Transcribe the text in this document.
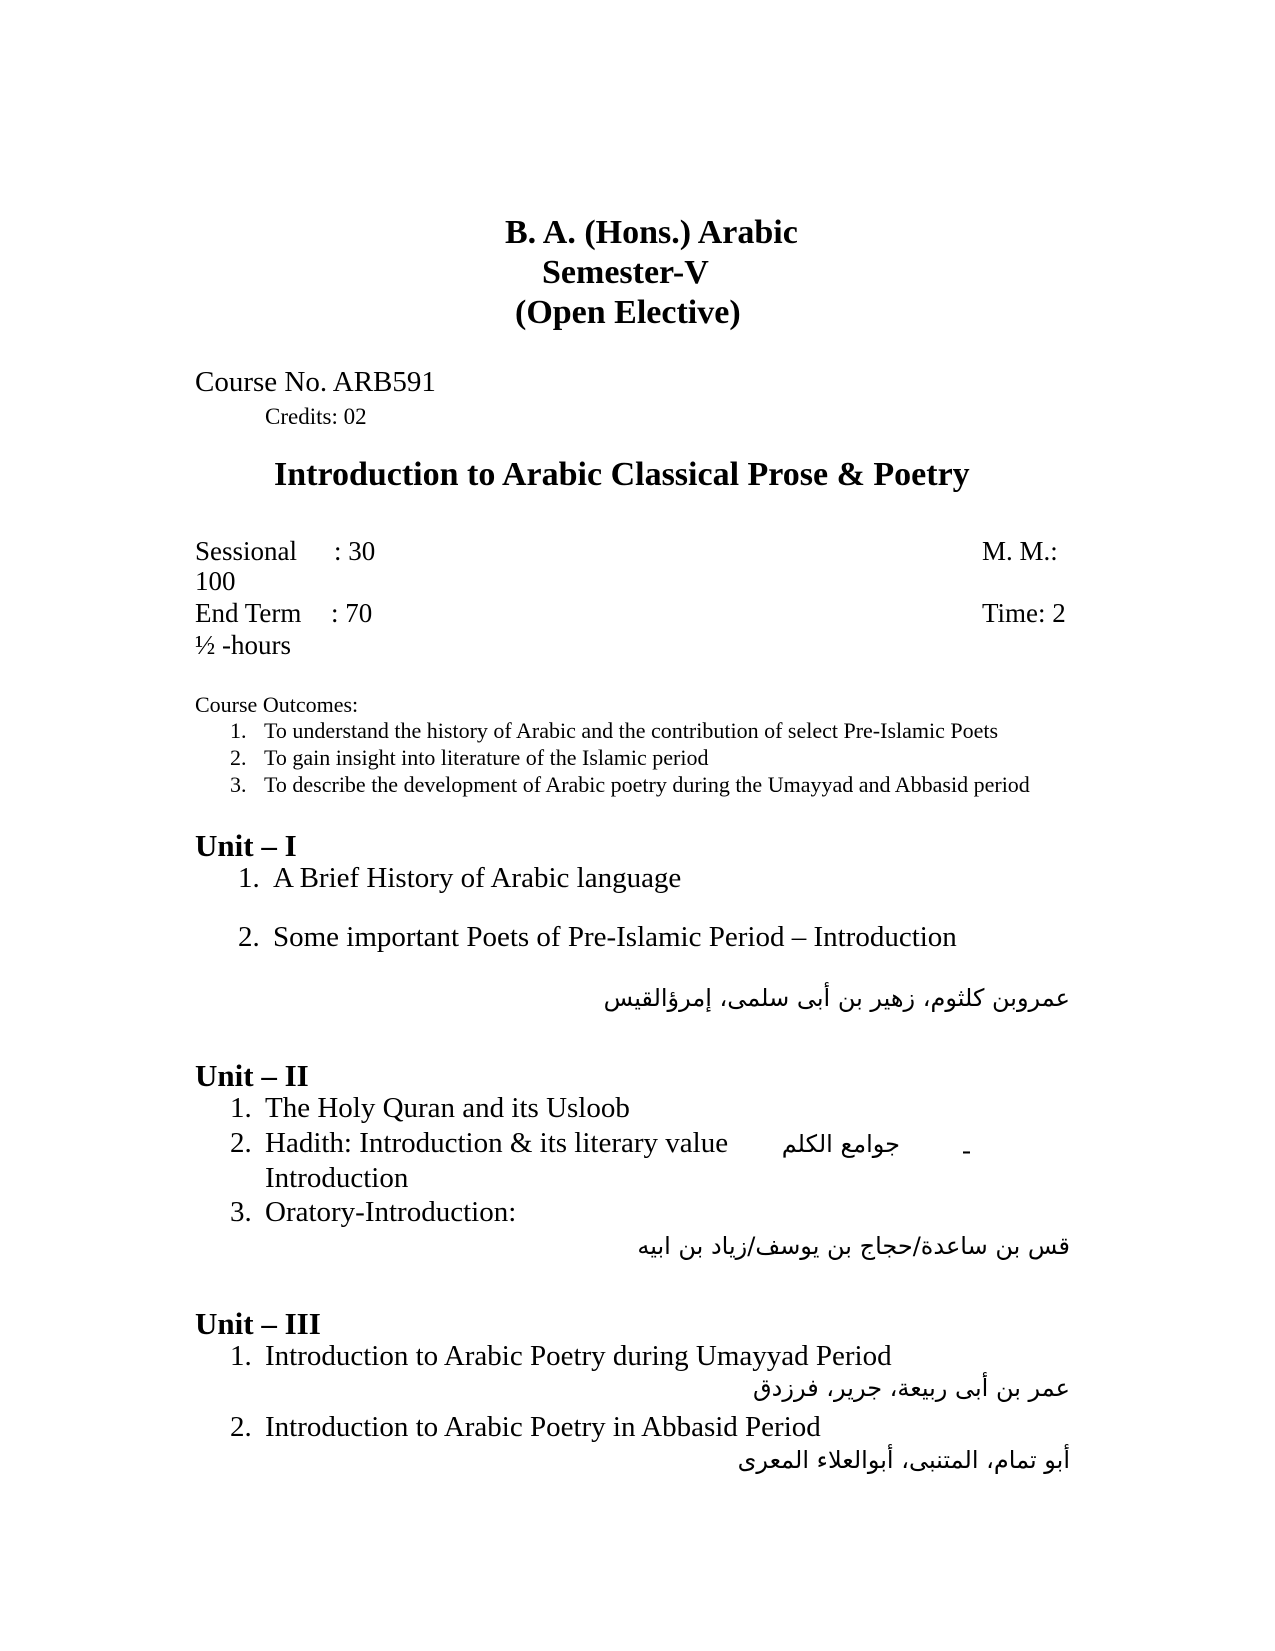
B. A. (Hons.) Arabic
Semester-V
(Open Elective)
Course No. ARB591
Credits: 02
Introduction to Arabic Classical Prose & Poetry
Sessional : 30	M. M.:
100
End Term : 70	Time: 2
½ -hours
Course Outcomes:
1. To understand the history of Arabic and the contribution of select Pre-Islamic Poets
2. To gain insight into literature of the Islamic period
3. To describe the development of Arabic poetry during the Umayyad and Abbasid period
Unit – I
1. A Brief History of Arabic language
2. Some important Poets of Pre-Islamic Period – Introduction
عمروبن كلثوم، زهير بن أبى سلمى، إمرؤالقيس
Unit – II
1. The Holy Quran and its Usloob
2. Hadith: Introduction & its literary value جوامع الكلم -
Introduction
3. Oratory-Introduction:
قس بن ساعدة/حجاج بن يوسف/زياد بن ابيه
Unit – III
1. Introduction to Arabic Poetry during Umayyad Period
عمر بن أبى ربيعة، جرير، فرزدق
2. Introduction to Arabic Poetry in Abbasid Period
أبو تمام، المتنبى، أبوالعلاء المعرى
